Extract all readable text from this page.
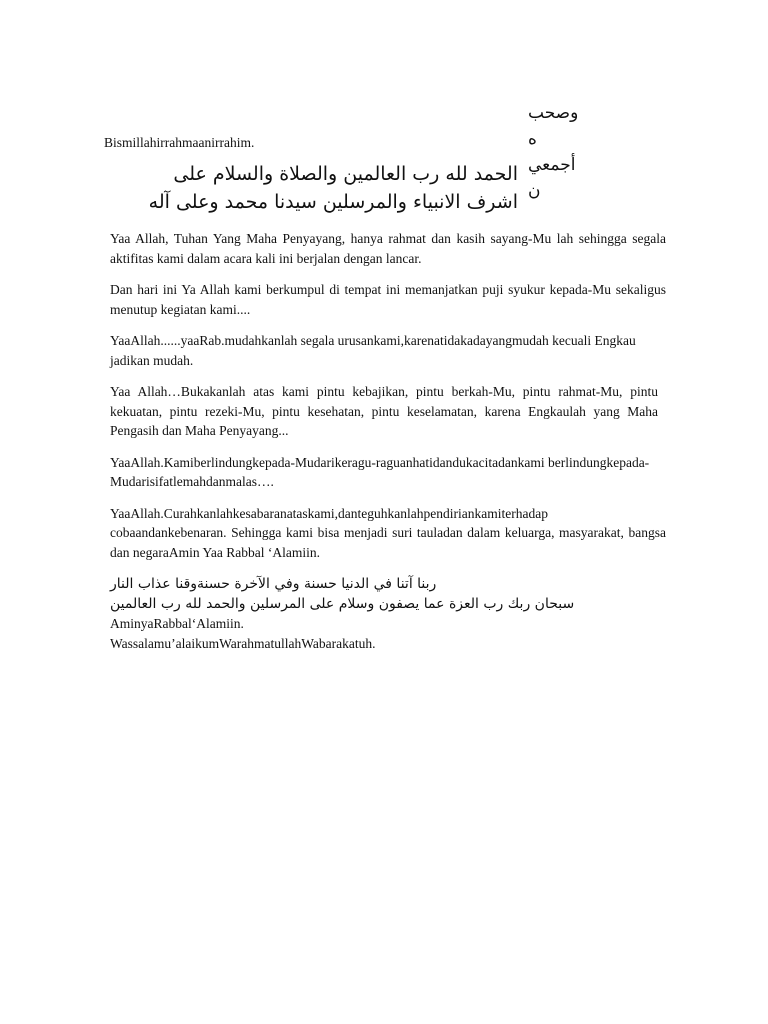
وصحب
ه
أجمعي
ن

Bismillahirrahmaanirrahim.

الحمد لله رب العالمين والصلاة والسلام على
اشرف الانبياء والمرسلين سيدنا محمد وعلى آله

Yaa Allah, Tuhan Yang Maha Penyayang, hanya rahmat dan kasih sayang-Mu lah sehingga segala aktifitas kami dalam acara kali ini berjalan dengan lancar.

Dan hari ini Ya Allah kami berkumpul di tempat ini memanjatkan puji syukur kepada-Mu sekaligus menutup kegiatan kami....

YaaAllah......yaaRab.mudahkanlah segala urusankami,karenatidakadayangmudah kecuali Engkau jadikan mudah.

Yaa Allah…Bukakanlah atas kami pintu kebajikan, pintu berkah-Mu, pintu rahmat-Mu, pintu kekuatan, pintu rezeki-Mu, pintu kesehatan, pintu keselamatan, karena Engkaulah yang Maha Pengasih dan Maha Penyayang...

YaaAllah.Kamiberlindungkepada-Mudarikeragu-raguanhatidandukacitadankami berlindungkepada-Mudarisifatlemahdanmalas….

YaaAllah.Curahkanlahkesabaranataskami,danteguhkanlahpendiriankamiterhadap cobaandankebenaran. Sehingga kami bisa menjadi suri tauladan dalam keluarga, masyarakat, bangsa dan negaraAmin Yaa Rabbal ‘Alamiin.

ربنا آتنا في الدنيا حسنة وفي الآخرة حسنةوقنا عذاب النار
سبحان ربك رب العزة عما يصفون وسلام على المرسلين والحمد لله رب العالمين
AminyaRabbal‘Alamiin.
Wassalamu’alaikumWarahmatullahWabarakatuh.
